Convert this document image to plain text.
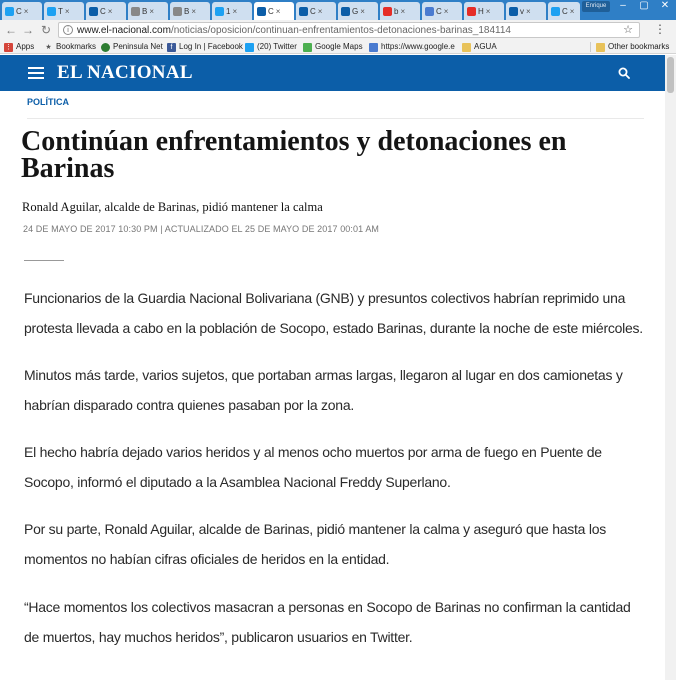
C ×	T ×	C ×	B ×	B ×	1 ×	C ×	C ×	G ×	b ×	C ×	H ×	v ×	C ×
Enrique	–	▢	✕
← → ↻	i www.el-nacional.com/noticias/oposicion/continuan-enfrentamientos-detonaciones-barinas_184114	☆ ⋮
⋮ Apps ★ Bookmarks Peninsula Net	f Log In | Facebook (20) Twitter Google Maps https://www.google.e AGUA	Other bookmarks
EL NACIONAL
POLÍTICA
Continúan enfrentamientos y detonaciones en Barinas
Ronald Aguilar, alcalde de Barinas, pidió mantener la calma
24 DE MAYO DE 2017 10:30 PM | ACTUALIZADO EL 25 DE MAYO DE 2017 00:01 AM

Funcionarios de la Guardia Nacional Bolivariana (GNB) y presuntos colectivos habrían reprimido una protesta llevada a cabo en la población de Socopo, estado Barinas, durante la noche de este miércoles.

Minutos más tarde, varios sujetos, que portaban armas largas, llegaron al lugar en dos camionetas y habrían disparado contra quienes pasaban por la zona.

El hecho habría dejado varios heridos y al menos ocho muertos por arma de fuego en Puente de Socopo, informó el diputado a la Asamblea Nacional Freddy Superlano.

Por su parte, Ronald Aguilar, alcalde de Barinas, pidió mantener la calma y aseguró que hasta los momentos no habían cifras oficiales de heridos en la entidad.

“Hace momentos los colectivos masacran a personas en Socopo de Barinas no confirman la cantidad de muertos, hay muchos heridos”, publicaron usuarios en Twitter.
